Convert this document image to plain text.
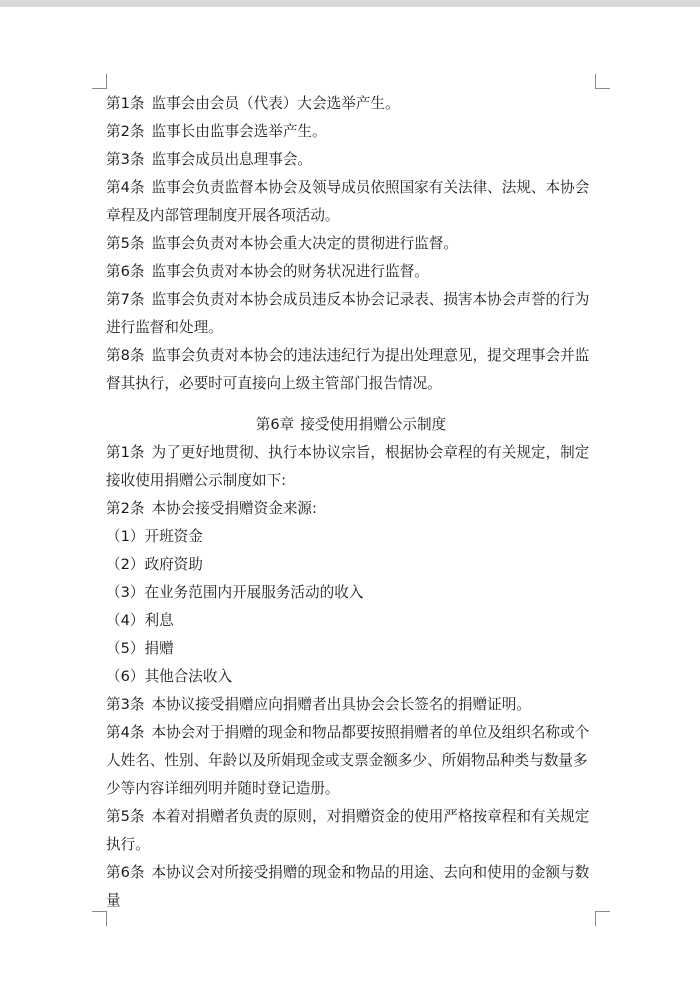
第1条 监事会由会员（代表）大会选举产生。

第2条 监事长由监事会选举产生。

第3条 监事会成员出息理事会。

第4条 监事会负责监督本协会及领导成员依照国家有关法律、法规、本协会章程及内部管理制度开展各项活动。

第5条 监事会负责对本协会重大决定的贯彻进行监督。

第6条 监事会负责对本协会的财务状况进行监督。

第7条 监事会负责对本协会成员违反本协会记录表、损害本协会声誉的行为进行监督和处理。

第8条 监事会负责对本协会的违法违纪行为提出处理意见，提交理事会并监督其执行，必要时可直接向上级主管部门报告情况。

第6章 接受使用捐赠公示制度

第1条 为了更好地贯彻、执行本协议宗旨，根据协会章程的有关规定，制定接收使用捐赠公示制度如下:

第2条 本协会接受捐赠资金来源:

（1）开班资金

（2）政府资助

（3）在业务范围内开展服务活动的收入

（4）利息

（5）捐赠

（6）其他合法收入

第3条 本协议接受捐赠应向捐赠者出具协会会长签名的捐赠证明。

第4条 本协会对于捐赠的现金和物品都要按照捐赠者的单位及组织名称或个人姓名、性别、年龄以及所娟现金或支票金额多少、所娟物品种类与数量多少等内容详细列明并随时登记造册。

第5条 本着对捐赠者负责的原则，对捐赠资金的使用严格按章程和有关规定执行。

第6条 本协议会对所接受捐赠的现金和物品的用途、去向和使用的金额与数量
